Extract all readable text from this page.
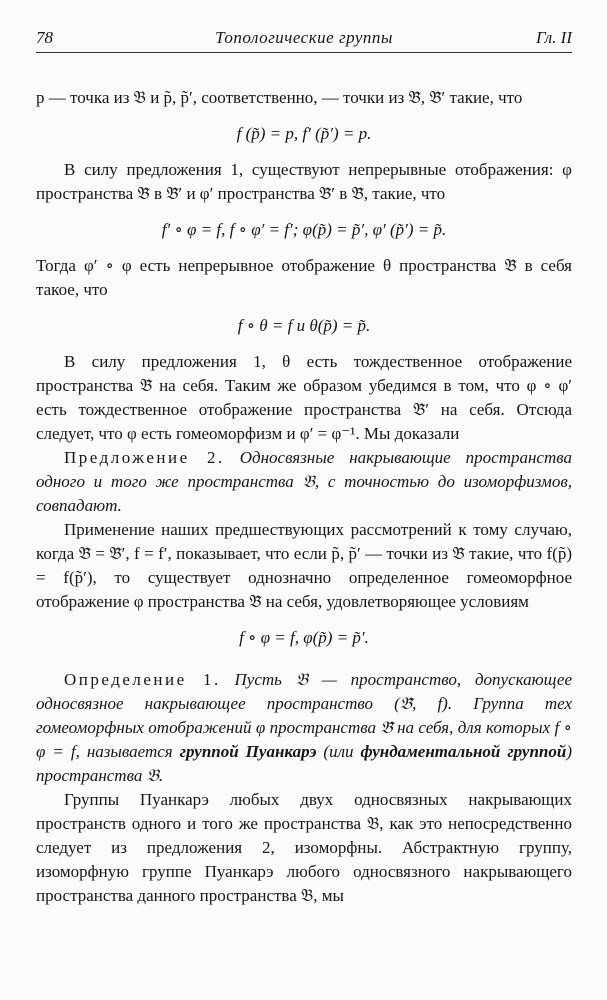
78	Топологические группы	Гл. II

p — точка из 𝔅 и p̃, p̃′, соответственно, — точки из 𝔅̃, 𝔅̃′ такие, что

f (p̃) = p, f′ (p̃′) = p.

В силу предложения 1, существуют непрерывные отображения: φ пространства 𝔅̃ в 𝔅̃′ и φ′ пространства 𝔅̃′ в 𝔅̃, такие, что

f′ ∘ φ = f, f ∘ φ′ = f′; φ(p̃) = p̃′, φ′ (p̃′) = p̃.

Тогда φ′ ∘ φ есть непрерывное отображение θ пространства 𝔅̃ в себя такое, что

f ∘ θ = f и θ(p̃) = p̃.

В силу предложения 1, θ есть тождественное отображение пространства 𝔅̃ на себя. Таким же образом убедимся в том, что φ ∘ φ′ есть тождественное отображение пространства 𝔅̃′ на себя. Отсюда следует, что φ есть гомеоморфизм и φ′ = φ⁻¹. Мы доказали

Предложение 2. Односвязные накрывающие пространства одного и того же пространства 𝔅, с точностью до изоморфизмов, совпадают.

Применение наших предшествующих рассмотрений к тому случаю, когда 𝔅̃ = 𝔅̃′, f = f′, показывает, что если p̃, p̃′ — точки из 𝔅̃ такие, что f(p̃) = f(p̃′), то существует однозначно определенное гомеоморфное отображение φ пространства 𝔅̃ на себя, удовлетворяющее условиям

f ∘ φ = f, φ(p̃) = p̃′.

Определение 1. Пусть 𝔅 — пространство, допускающее односвязное накрывающее пространство (𝔅̃, f). Группа тех гомеоморфных отображений φ пространства 𝔅̃ на себя, для которых f ∘ φ = f, называется группой Пуанкарэ (или фундаментальной группой) пространства 𝔅.

Группы Пуанкарэ любых двух односвязных накрывающих пространств одного и того же пространства 𝔅, как это непосредственно следует из предложения 2, изоморфны. Абстрактную группу, изоморфную группе Пуанкарэ любого односвязного накрывающего пространства данного пространства 𝔅, мы
